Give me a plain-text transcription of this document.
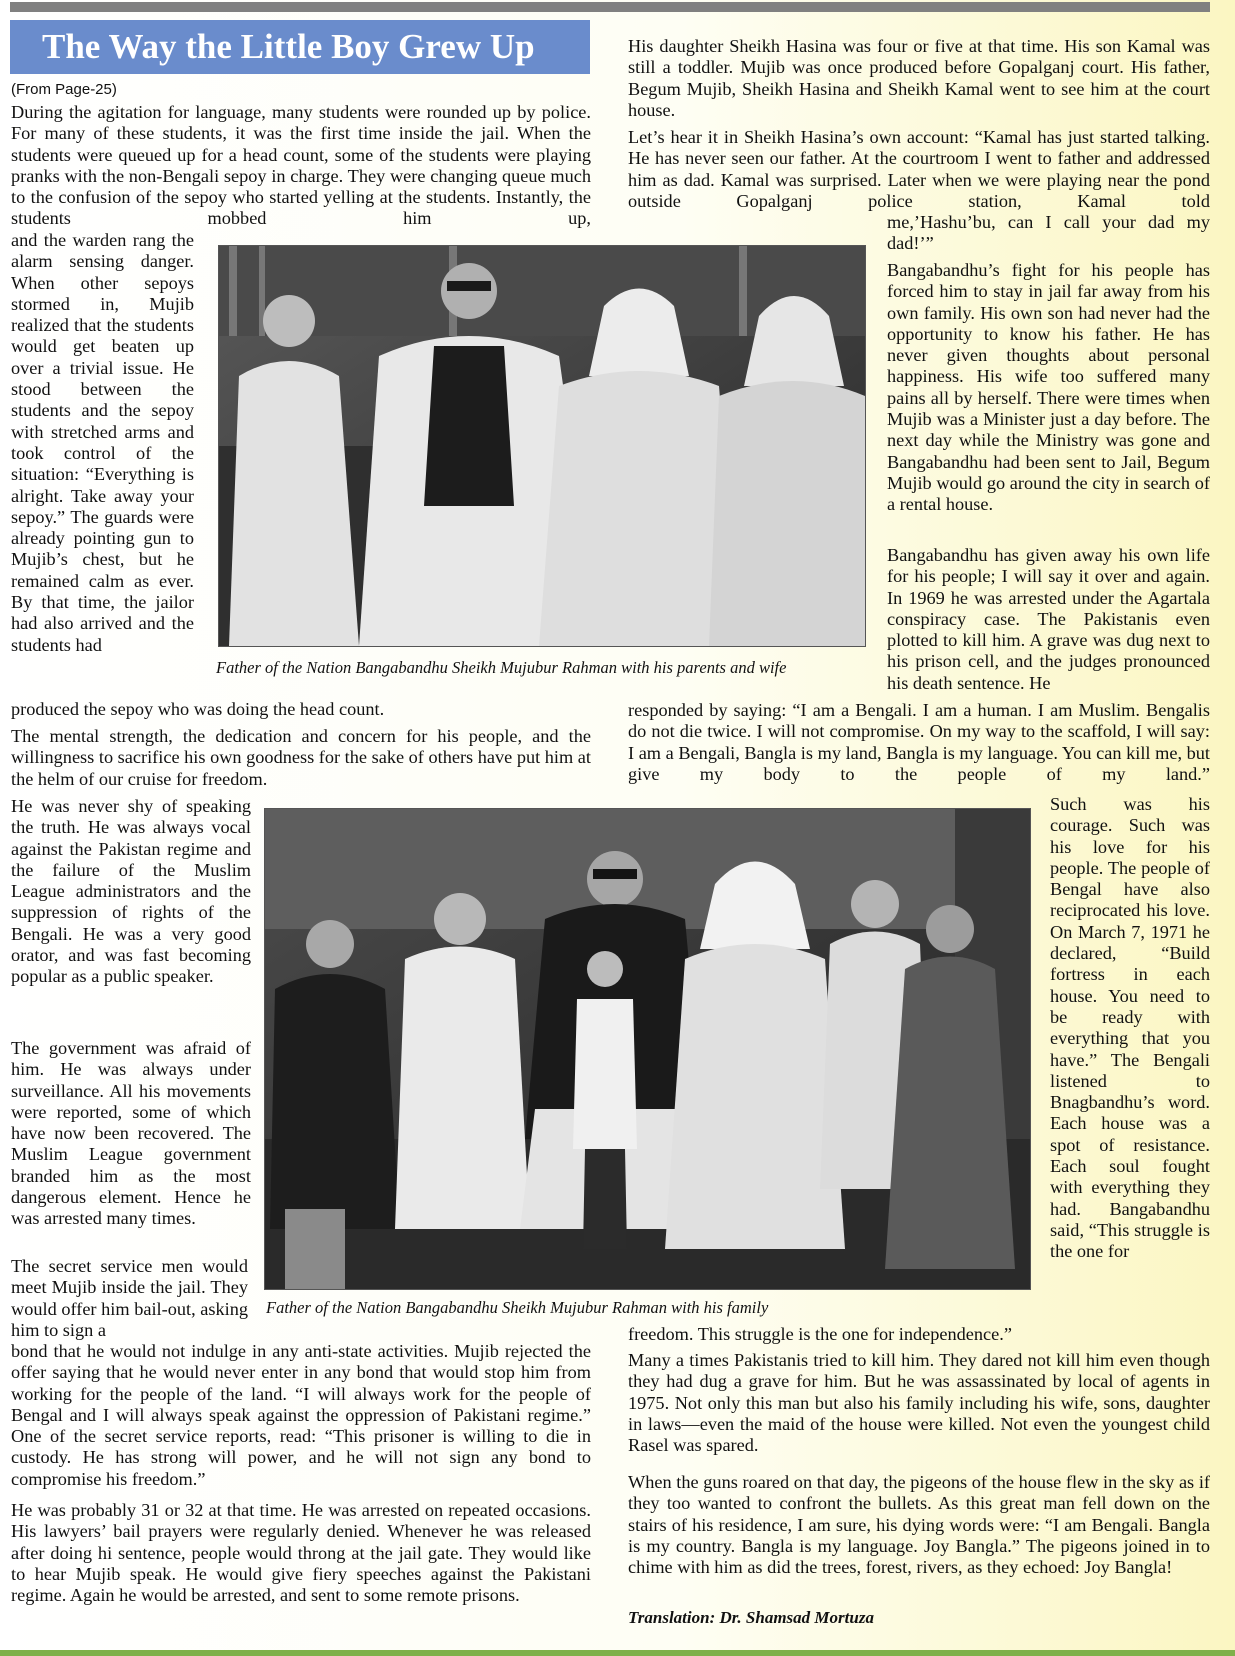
The Way the Little Boy Grew Up
(From Page-25)

During the agitation for language, many students were rounded up by police. For many of these students, it was the first time inside the jail. When the students were queued up for a head count, some of the students were playing pranks with the non-Bengali sepoy in charge. They were changing queue much to the confusion of the sepoy who started yelling at the students. Instantly, the students mobbed him up,

and the warden rang the alarm sensing danger. When other sepoys stormed in, Mujib realized that the students would get beaten up over a trivial issue. He stood between the students and the sepoy with stretched arms and took control of the situation: “Everything is alright. Take away your sepoy.” The guards were already pointing gun to Mujib’s chest, but he remained calm as ever. By that time, the jailor had also arrived and the students had

produced the sepoy who was doing the head count.

The mental strength, the dedication and concern for his people, and the willingness to sacrifice his own goodness for the sake of others have put him at the helm of our cruise for freedom.

He was never shy of speaking the truth. He was always vocal against the Pakistan regime and the failure of the Muslim League administrators and the suppression of rights of the Bengali. He was a very good orator, and was fast becoming popular as a public speaker.

The government was afraid of him. He was always under surveillance. All his movements were reported, some of which have now been recovered. The Muslim League government branded him as the most dangerous element. Hence he was arrested many times.

The secret service men would meet Mujib inside the jail. They would offer him bail-out, asking him to sign a

bond that he would not indulge in any anti-state activities. Mujib rejected the offer saying that he would never enter in any bond that would stop him from working for the people of the land. “I will always work for the people of Bengal and I will always speak against the oppression of Pakistani regime.” One of the secret service reports, read: “This prisoner is willing to die in custody. He has strong will power, and he will not sign any bond to compromise his freedom.”

He was probably 31 or 32 at that time. He was arrested on repeated occasions. His lawyers’ bail prayers were regularly denied. Whenever he was released after doing hi sentence, people would throng at the jail gate. They would like to hear Mujib speak. He would give fiery speeches against the Pakistani regime. Again he would be arrested, and sent to some remote prisons.

His daughter Sheikh Hasina was four or five at that time. His son Kamal was still a toddler. Mujib was once produced before Gopalganj court. His father, Begum Mujib, Sheikh Hasina and Sheikh Kamal went to see him at the court house.

Let’s hear it in Sheikh Hasina’s own account: “Kamal has just started talking. He has never seen our father. At the courtroom I went to father and addressed him as dad. Kamal was surprised. Later when we were playing near the pond outside Gopalganj police station, Kamal told

me,’Hashu’bu, can I call your dad my dad!’”

Bangabandhu’s fight for his people has forced him to stay in jail far away from his own family. His own son had never had the opportunity to know his father. He has never given thoughts about personal happiness. His wife too suffered many pains all by herself. There were times when Mujib was a Minister just a day before. The next day while the Ministry was gone and Bangabandhu had been sent to Jail, Begum Mujib would go around the city in search of a rental house.

Bangabandhu has given away his own life for his people; I will say it over and again. In 1969 he was arrested under the Agartala conspiracy case. The Pakistanis even plotted to kill him. A grave was dug next to his prison cell, and the judges pronounced his death sentence. He

responded by saying: “I am a Bengali. I am a human. I am Muslim. Bengalis do not die twice. I will not compromise. On my way to the scaffold, I will say: I am a Bengali, Bangla is my land, Bangla is my language. You can kill me, but give my body to the people of my land.”

Such was his courage. Such was his love for his people. The people of Bengal have also reciprocated his love. On March 7, 1971 he declared, “Build fortress in each house. You need to be ready with everything that you have.” The Bengali listened to Bnagbandhu’s word. Each house was a spot of resistance. Each soul fought with everything they had. Bangabandhu said, “This struggle is the one for

freedom. This struggle is the one for independence.”

Many a times Pakistanis tried to kill him. They dared not kill him even though they had dug a grave for him. But he was assassinated by local of agents in 1975. Not only this man but also his family including his wife, sons, daughter in laws—even the maid of the house were killed. Not even the youngest child Rasel was spared.

When the guns roared on that day, the pigeons of the house flew in the sky as if they too wanted to confront the bullets. As this great man fell down on the stairs of his residence, I am sure, his dying words were: “I am Bengali. Bangla is my country. Bangla is my language. Joy Bangla.” The pigeons joined in to chime with him as did the trees, forest, rivers, as they echoed: Joy Bangla!

Translation: Dr. Shamsad Mortuza
Father of the Nation Bangabandhu Sheikh Mujubur Rahman with his parents and wife
Father of the Nation Bangabandhu Sheikh Mujubur Rahman with his family
